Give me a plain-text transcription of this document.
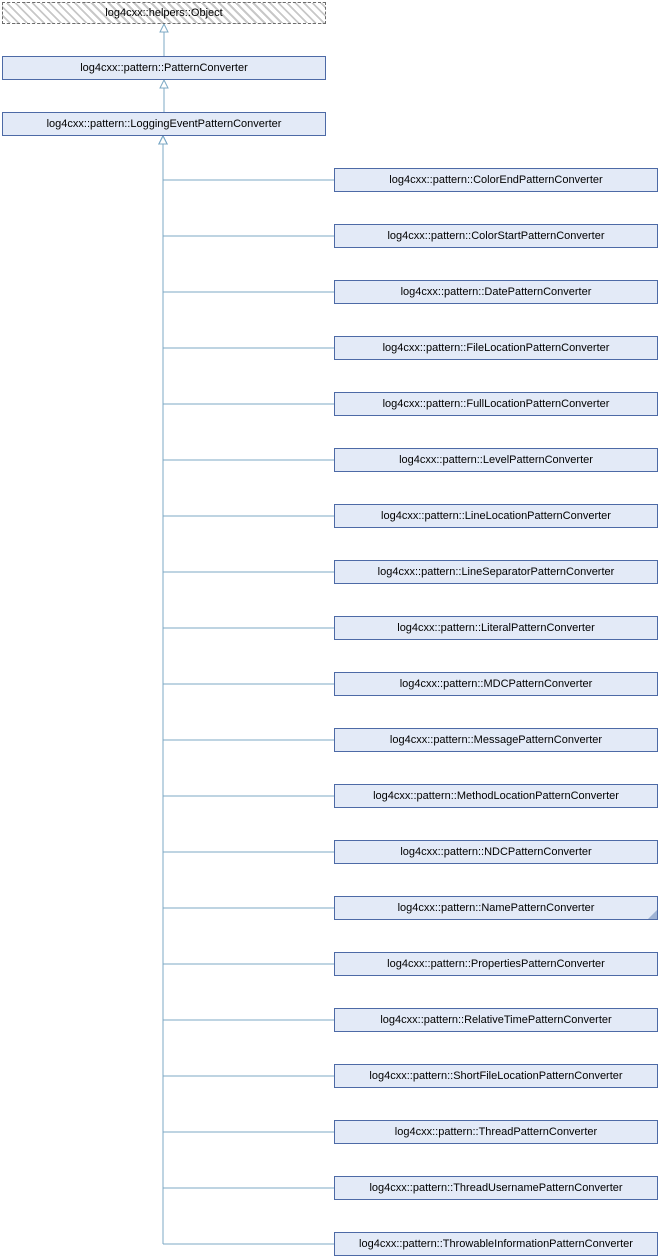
log4cxx::helpers::Object
log4cxx::pattern::PatternConverter
log4cxx::pattern::LoggingEventPatternConverter
log4cxx::pattern::ColorEndPatternConverter
log4cxx::pattern::ColorStartPatternConverter
log4cxx::pattern::DatePatternConverter
log4cxx::pattern::FileLocationPatternConverter
log4cxx::pattern::FullLocationPatternConverter
log4cxx::pattern::LevelPatternConverter
log4cxx::pattern::LineLocationPatternConverter
log4cxx::pattern::LineSeparatorPatternConverter
log4cxx::pattern::LiteralPatternConverter
log4cxx::pattern::MDCPatternConverter
log4cxx::pattern::MessagePatternConverter
log4cxx::pattern::MethodLocationPatternConverter
log4cxx::pattern::NDCPatternConverter
log4cxx::pattern::NamePatternConverter
log4cxx::pattern::PropertiesPatternConverter
log4cxx::pattern::RelativeTimePatternConverter
log4cxx::pattern::ShortFileLocationPatternConverter
log4cxx::pattern::ThreadPatternConverter
log4cxx::pattern::ThreadUsernamePatternConverter
log4cxx::pattern::ThrowableInformationPatternConverter
